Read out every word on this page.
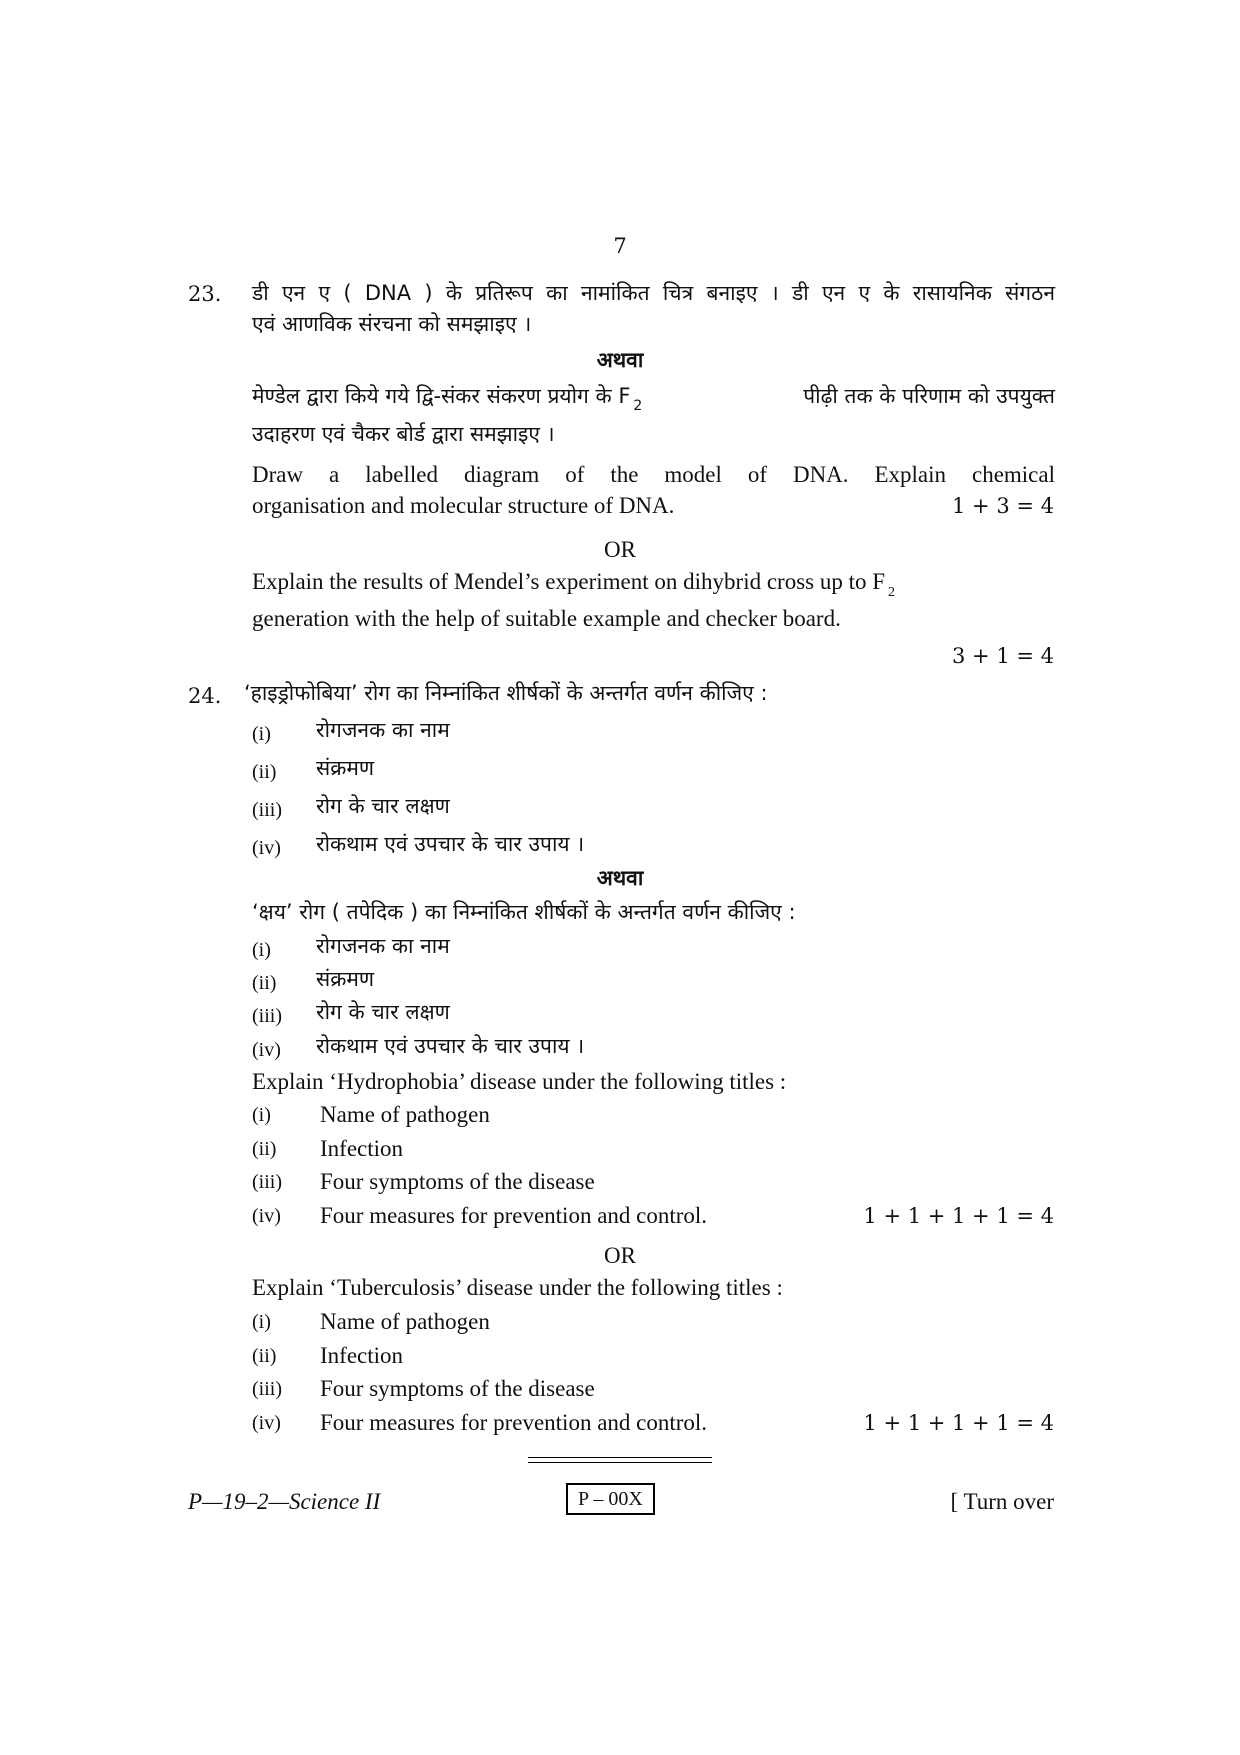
7
23. डी एन ए ( DNA ) के प्रतिरूप का नामांकित चित्र बनाइए । डी एन ए के रासायनिक संगठन
एवं आणविक संरचना को समझाइए ।
अथवा
मेण्डेल द्वारा किये गये द्वि-संकर संकरण प्रयोग के F $_2$	पीढ़ी तक के परिणाम को उपयुक्त
उदाहरण एवं चैकर बोर्ड द्वारा समझाइए ।
Draw a labelled diagram of the model of DNA. Explain chemical
organisation and molecular structure of DNA.	1 + 3 = 4
OR
Explain the results of Mendel’s experiment on dihybrid cross up to F $_2$
generation with the help of suitable example and checker board.
3 + 1 = 4
24. ‘हाइड्रोफोबिया’ रोग का निम्नांकित शीर्षकों के अन्तर्गत वर्णन कीजिए :
(i) रोगजनक का नाम
(ii) संक्रमण
(iii) रोग के चार लक्षण
(iv) रोकथाम एवं उपचार के चार उपाय ।
अथवा
‘क्षय’ रोग ( तपेदिक ) का निम्नांकित शीर्षकों के अन्तर्गत वर्णन कीजिए :
(i) रोगजनक का नाम
(ii) संक्रमण
(iii) रोग के चार लक्षण
(iv) रोकथाम एवं उपचार के चार उपाय ।
Explain ‘Hydrophobia’ disease under the following titles :
(i) Name of pathogen
(ii) Infection
(iii) Four symptoms of the disease
(iv) Four measures for prevention and control.	1 + 1 + 1 + 1 = 4
OR
Explain ‘Tuberculosis’ disease under the following titles :
(i) Name of pathogen
(ii) Infection
(iii) Four symptoms of the disease
(iv) Four measures for prevention and control.	1 + 1 + 1 + 1 = 4
P—19–2—Science II	P – 00X	[ Turn over
